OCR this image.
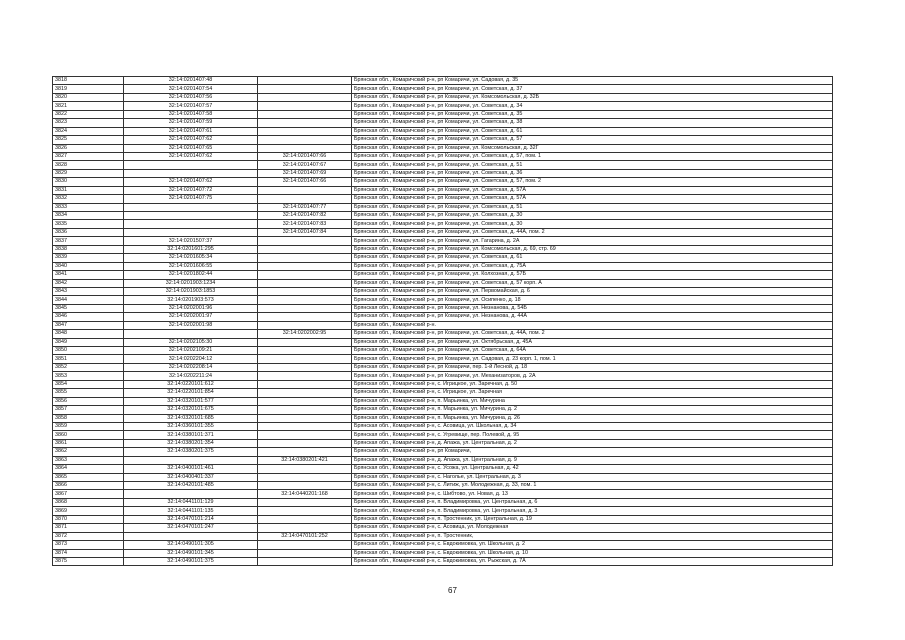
3818	32:14:0201407:48		Брянская обл., Комаричский р-н, рп Комаричи, ул. Садовая, д. 35
3819	32:14:0201407:54		Брянская обл., Комаричский р-н, рп Комаричи, ул. Советская, д. 37
3820	32:14:0201407:56		Брянская обл., Комаричский р-н, рп Комаричи, ул. Комсомольская, д. 32Б
3821	32:14:0201407:57		Брянская обл., Комаричский р-н, рп Комаричи, ул. Советская, д. 34
3822	32:14:0201407:58		Брянская обл., Комаричский р-н, рп Комаричи, ул. Советская, д. 35
3823	32:14:0201407:59		Брянская обл., Комаричский р-н, рп Комаричи, ул. Советская, д. 38
3824	32:14:0201407:61		Брянская обл., Комаричский р-н, рп Комаричи, ул. Советская, д. 61
3825	32:14:0201407:62		Брянская обл., Комаричский р-н, рп Комаричи, ул. Советская, д. 57
3826	32:14:0201407:65		Брянская обл., Комаричский р-н, рп Комаричи, ул. Комсомольская, д. 32Г
3827	32:14:0201407:62	32:14:0201407:66	Брянская обл., Комаричский р-н, рп Комаричи, ул. Советская, д. 57, пом. 1
3828		32:14:0201407:67	Брянская обл., Комаричский р-н, рп Комаричи, ул. Советская, д. 51
3829		32:14:0201407:69	Брянская обл., Комаричский р-н, рп Комаричи, ул. Советская, д. 36
3830	32:14:0201407:62	32:14:0201407:66	Брянская обл., Комаричский р-н, рп Комаричи, ул. Советская, д. 57, пом. 2
3831	32:14:0201407:72		Брянская обл., Комаричский р-н, рп Комаричи, ул. Советская, д. 57А
3832	32:14:0201407:75		Брянская обл., Комаричский р-н, рп Комаричи, ул. Советская, д. 57А
3833		32:14:0201407:77	Брянская обл., Комаричский р-н, рп Комаричи, ул. Советская, д. 51
3834		32:14:0201407:82	Брянская обл., Комаричский р-н, рп Комаричи, ул. Советская, д. 30
3835		32:14:0201407:83	Брянская обл., Комаричский р-н, рп Комаричи, ул. Советская, д. 30
3836		32:14:0201407:84	Брянская обл., Комаричский р-н, рп Комаричи, ул. Советская, д. 44А, пом. 2
3837	32:14:0201507:37		Брянская обл., Комаричский р-н, рп Комаричи, ул. Гагарина, д. 2А
3838	32:14:0201601:295		Брянская обл., Комаричский р-н, рп Комаричи, ул. Комсомольская, д. 69, стр. 69
3839	32:14:0201605:34		Брянская обл., Комаричский р-н, рп Комаричи, ул. Советская, д. 61
3840	32:14:0201606:55		Брянская обл., Комаричский р-н, рп Комаричи, ул. Советская, д. 75А
3841	32:14:0201802:44		Брянская обл., Комаричский р-н, рп Комаричи, ул. Колхозная, д. 57Б
3842	32:14:0201903:1234		Брянская обл., Комаричский р-н, рп Комаричи, ул. Советская, д. 57 корп. А
3843	32:14:0201903:1853		Брянская обл., Комаричский р-н, рп Комаричи, ул. Первомайская, д. 6
3844	32:14:0201903:573		Брянская обл., Комаричский р-н, рп Комаричи, ул. Осипенко, д. 18
3845	32:14:0202001:96		Брянская обл., Комаричский р-н, рп Комаричи, ул. Незнанова, д. 54Б
3846	32:14:0202001:97		Брянская обл., Комаричский р-н, рп Комаричи, ул. Незнанова, д. 44А
3847	32:14:0202001:98		Брянская обл., Комаричский р-н.
3848		32:14:0202002:95	Брянская обл., Комаричский р-н, рп Комаричи, ул. Советская, д. 44А, пом. 2
3849	32:14:0202105:30		Брянская обл., Комаричский р-н, рп Комаричи, ул. Октябрьская, д. 45А
3850	32:14:0202109:21		Брянская обл., Комаричский р-н, рп Комаричи, ул. Советская, д. 64А
3851	32:14:0202204:12		Брянская обл., Комаричский р-н, рп Комаричи, ул. Садовая, д. 23 корп. 1, пом. 1
3852	32:14:0202208:14		Брянская обл., Комаричский р-н, рп Комаричи, пер. 1-й Лесной, д. 18
3853	32:14:0202211:24		Брянская обл., Комаричский р-н, рп Комаричи, ул. Механизаторов, д. 2А
3854	32:14:0220101:612		Брянская обл., Комаричский р-н, с. Игрицкое, ул. Заречная, д. 50
3855	32:14:0220101:854		Брянская обл., Комаричский р-н, с. Игрицкое, ул. Заречная
3856	32:14:0320101:577		Брянская обл., Комаричский р-н, п. Марьинка, ул. Мичурина
3857	32:14:0320101:675		Брянская обл., Комаричский р-н, п. Марьинка, ул. Мичурина, д. 2
3858	32:14:0320101:685		Брянская обл., Комаричский р-н, п. Марьинка, ул. Мичурина, д. 26
3859	32:14:0360101:355		Брянская обл., Комаричский р-н, с. Асовица, ул. Школьная, д. 34
3860	32:14:0380101:371		Брянская обл., Комаричский р-н, с. Угревище, пер. Полевой, д. 95
3861	32:14:0380201:354		Брянская обл., Комаричский р-н, д. Апажа, ул. Центральная, д. 2
3862	32:14:0380201:375		Брянская обл., Комаричский р-н, рп Комаричи,
3863		32:14:0380201:421	Брянская обл., Комаричский р-н, д. Апажа, ул. Центральная, д. 9
3864	32:14:0400101:461		Брянская обл., Комаричский р-н, с. Усожа, ул. Центральная, д. 42
3865	32:14:0400401:337		Брянская обл., Комаричский р-н, с. Наголье, ул. Центральная, д. 3
3866	32:14:0420101:485		Брянская обл., Комаричский р-н, с. Литиж, ул. Молодежная, д. 33, пом. 1
3867		32:14:0440201:168	Брянская обл., Комаричский р-н, с. Шибтово, ул. Новая, д. 13
3868	32:14:0441101:129		Брянская обл., Комаричский р-н, п. Владимировка, ул. Центральная, д. 6
3869	32:14:0441101:135		Брянская обл., Комаричский р-н, п. Владимировка, ул. Центральная, д. 3
3870	32:14:0470101:214		Брянская обл., Комаричский р-н, п. Тростенник, ул. Центральная, д. 19
3871	32:14:0470101:247		Брянская обл., Комаричский р-н, с. Асовица, ул. Молодежная
3872		32:14:0470101:252	Брянская обл., Комаричский р-н, п. Тростенник,
3873	32:14:0490101:305		Брянская обл., Комаричский р-н, с. Евдокимовка, ул. Школьная, д. 2
3874	32:14:0490101:345		Брянская обл., Комаричский р-н, с. Евдокимовка, ул. Школьная, д. 10
3875	32:14:0490101:375		Брянская обл., Комаричский р-н, с. Евдокимовка, ул. Рыжская, д. 7А
67
